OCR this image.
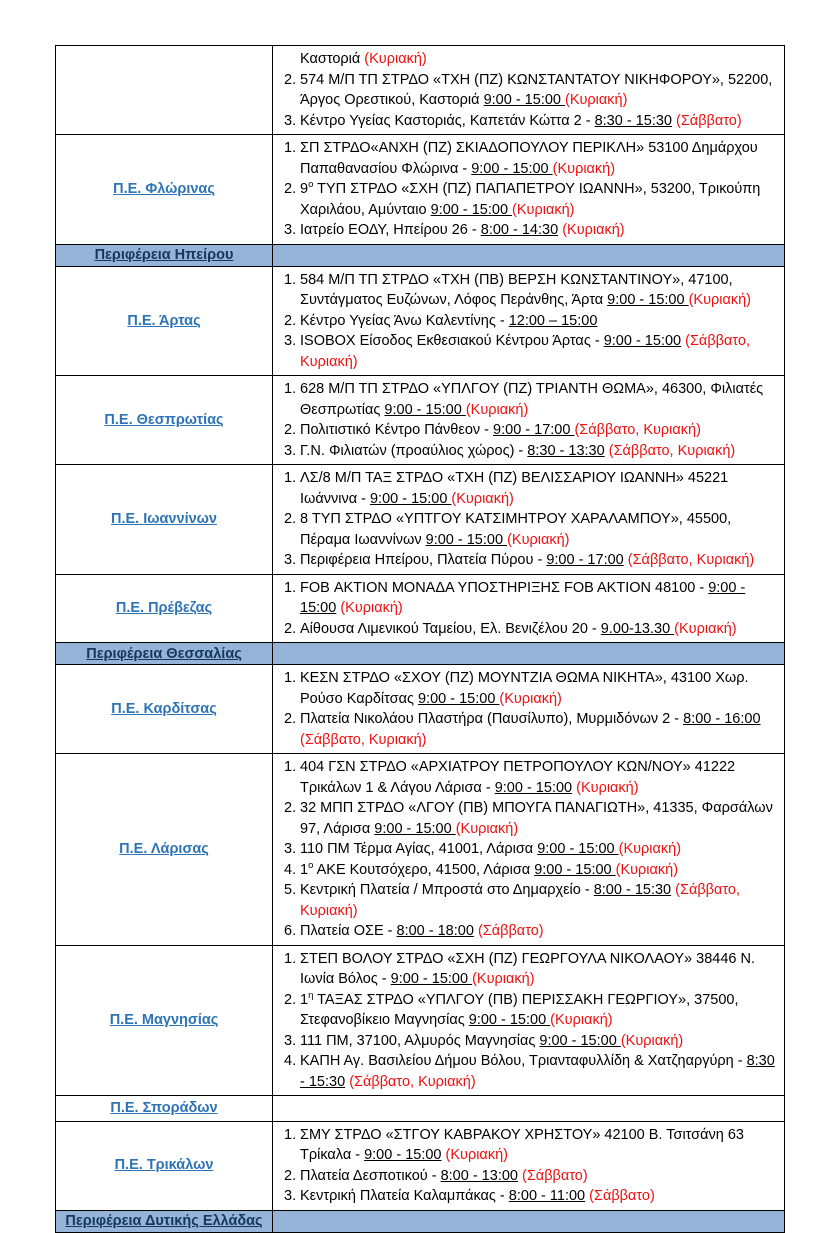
	Καστοριά (Κυριακή)
2. 574 Μ/Π ΤΠ ΣΤΡΔΟ «ΤΧΗ (ΠΖ) ΚΩΝΣΤΑΝΤΑΤΟΥ ΝΙΚΗΦΟΡΟΥ», 52200, Άργος Ορεστικού, Καστοριά 9:00 - 15:00 (Κυριακή)
3. Κέντρο Υγείας Καστοριάς, Καπετάν Κώττα 2 - 8:30 - 15:30 (Σάββατο)

Π.Ε. Φλώρινας	
1. ΣΠ ΣΤΡΔΟ«ΑΝΧΗ (ΠΖ) ΣΚΙΑΔΟΠΟΥΛΟΥ ΠΕΡΙΚΛΗ» 53100 Δημάρχου Παπαθανασίου Φλώρινα - 9:00 - 15:00 (Κυριακή)
2. $9^o$ ΤΥΠ ΣΤΡΔΟ «ΣΧΗ (ΠΖ) ΠΑΠΑΠΕΤΡΟΥ ΙΩΑΝΝΗ», 53200, Τρικούπη Χαριλάου, Αμύνταιο 9:00 - 15:00 (Κυριακή)
3. Ιατρείο ΕΟΔΥ, Ηπείρου 26 - 8:00 - 14:30 (Κυριακή)

Περιφέρεια Ηπείρου	
Π.Ε. Άρτας	
1. 584 Μ/Π ΤΠ ΣΤΡΔΟ «ΤΧΗ (ΠΒ) ΒΕΡΣΗ ΚΩΝΣΤΑΝΤΙΝΟΥ», 47100, Συντάγματος Ευζώνων, Λόφος Περάνθης, Άρτα 9:00 - 15:00 (Κυριακή)
2. Κέντρο Υγείας Άνω Καλεντίνης - 12:00 – 15:00
3. ISOBOX Είσοδος Εκθεσιακού Κέντρου Άρτας - 9:00 - 15:00 (Σάββατο, Κυριακή)

Π.Ε. Θεσπρωτίας	
1. 628 Μ/Π ΤΠ ΣΤΡΔΟ «ΥΠΛΓΟΥ (ΠΖ) ΤΡΙΑΝΤΗ ΘΩΜΑ», 46300, Φιλιατές Θεσπρωτίας 9:00 - 15:00 (Κυριακή)
2. Πολιτιστικό Κέντρο Πάνθεον - 9:00 - 17:00 (Σάββατο, Κυριακή)
3. Γ.Ν. Φιλιατών (προαύλιος χώρος) - 8:30 - 13:30 (Σάββατο, Κυριακή)

Π.Ε. Ιωαννίνων	
1. ΛΣ/8 Μ/Π ΤΑΞ ΣΤΡΔΟ «ΤΧΗ (ΠΖ) ΒΕΛΙΣΣΑΡΙΟΥ ΙΩΑΝΝΗ» 45221 Ιωάννινα - 9:00 - 15:00 (Κυριακή)
2. 8 ΤΥΠ ΣΤΡΔΟ «ΥΠΤΓΟΥ ΚΑΤΣΙΜΗΤΡΟΥ ΧΑΡΑΛΑΜΠΟΥ», 45500, Πέραμα Ιωαννίνων 9:00 - 15:00 (Κυριακή)
3. Περιφέρεια Ηπείρου, Πλατεία Πύρου - 9:00 - 17:00 (Σάββατο, Κυριακή)

Π.Ε. Πρέβεζας	1. FOB ΑΚΤΙΟΝ ΜΟΝΑΔΑ ΥΠΟΣΤΗΡΙΞΗΣ FOB AKTION 48100 - 9:00 - 15:00 (Κυριακή)
2. Αίθουσα Λιμενικού Ταμείου, Ελ. Βενιζέλου 20 - 9.00-13.30 (Κυριακή)

Περιφέρεια Θεσσαλίας	
Π.Ε. Καρδίτσας	1. ΚΕΣΝ ΣΤΡΔΟ «ΣΧΟΥ (ΠΖ) ΜΟΥΝΤΖΙΑ ΘΩΜΑ ΝΙΚΗΤΑ», 43100 Χωρ. Ρούσο Καρδίτσας 9:00 - 15:00 (Κυριακή)
2. Πλατεία Νικολάου Πλαστήρα (Παυσίλυπο), Μυρμιδόνων 2 - 8:00 - 16:00 (Σάββατο, Κυριακή)

Π.Ε. Λάρισας	
1. 404 ΓΣΝ ΣΤΡΔΟ «ΑΡΧΙΑΤΡΟΥ ΠΕΤΡΟΠΟΥΛΟΥ ΚΩΝ/ΝΟΥ» 41222 Τρικάλων 1 & Λάγου Λάρισα - 9:00 - 15:00 (Κυριακή)
2. 32 ΜΠΠ ΣΤΡΔΟ «ΛΓΟΥ (ΠΒ) ΜΠΟΥΓΑ ΠΑΝΑΓΙΩΤΗ», 41335, Φαρσάλων 97, Λάρισα 9:00 - 15:00 (Κυριακή)
3. 110 ΠΜ Τέρμα Αγίας, 41001, Λάρισα 9:00 - 15:00 (Κυριακή)
4. $1^o$ ΑΚΕ Κουτσόχερο, 41500, Λάρισα 9:00 - 15:00 (Κυριακή)
5. Κεντρική Πλατεία / Μπροστά στο Δημαρχείο - 8:00 - 15:30 (Σάββατο, Κυριακή)
6. Πλατεία ΟΣΕ - 8:00 - 18:00 (Σάββατο)

Π.Ε. Μαγνησίας	
1. ΣΤΕΠ ΒΟΛΟΥ ΣΤΡΔΟ «ΣΧΗ (ΠΖ) ΓΕΩΡΓΟΥΛΑ ΝΙΚΟΛΑΟΥ» 38446 Ν. Ιωνία Βόλος - 9:00 - 15:00 (Κυριακή)
2. $1^\eta$ ΤΑΞΑΣ ΣΤΡΔΟ «ΥΠΛΓΟΥ (ΠΒ) ΠΕΡΙΣΣΑΚΗ ΓΕΩΡΓΙΟΥ», 37500, Στεφανοβίκειο Μαγνησίας 9:00 - 15:00 (Κυριακή)
3. 111 ΠΜ, 37100, Αλμυρός Μαγνησίας 9:00 - 15:00 (Κυριακή)
4. ΚΑΠΗ Αγ. Βασιλείου Δήμου Βόλου, Τριανταφυλλίδη & Χατζηαργύρη - 8:30 - 15:30 (Σάββατο, Κυριακή)

Π.Ε. Σποράδων	
Π.Ε. Τρικάλων	
1. ΣΜΥ ΣΤΡΔΟ «ΣΤΓΟΥ ΚΑΒΡΑΚΟΥ ΧΡΗΣΤΟΥ» 42100 Β. Τσιτσάνη 63 Τρίκαλα - 9:00 - 15:00 (Κυριακή)
2. Πλατεία Δεσποτικού - 8:00 - 13:00 (Σάββατο)
3. Κεντρική Πλατεία Καλαμπάκας - 8:00 - 11:00 (Σάββατο)

Περιφέρεια Δυτικής Ελλάδας	
